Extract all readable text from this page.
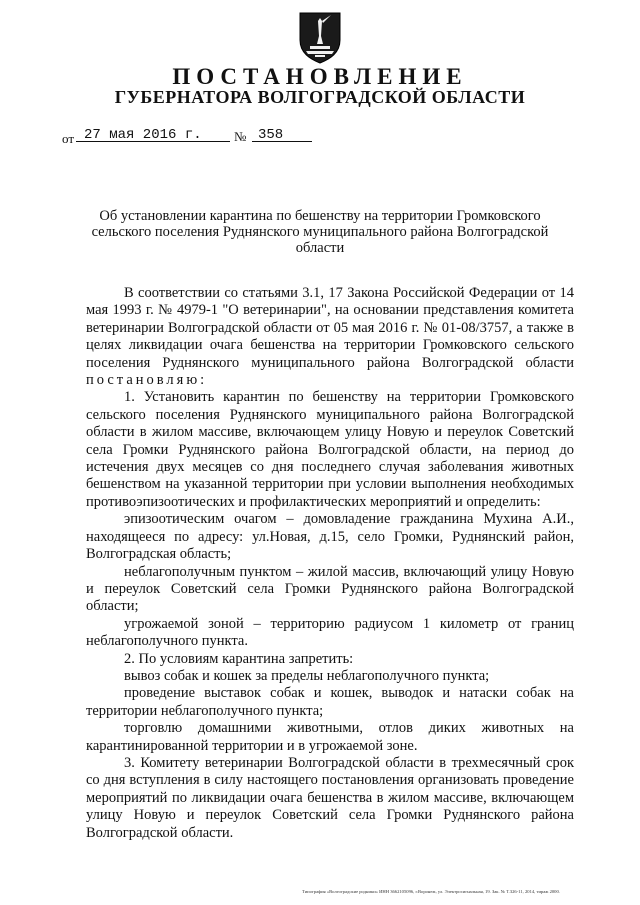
ПОСТАНОВЛЕНИЕ
ГУБЕРНАТОРА ВОЛГОГРАДСКОЙ ОБЛАСТИ
от 27 мая 2016 г. № 358
Об установлении карантина по бешенству на территории Громковского сельского поселения Руднянского муниципального района Волгоградской области

В соответствии со статьями 3.1, 17 Закона Российской Федерации от 14 мая 1993 г. № 4979-1 "О ветеринарии", на основании представления комитета ветеринарии Волгоградской области от 05 мая 2016 г. № 01-08/3757, а также в целях ликвидации очага бешенства на территории Громковского сельского поселения Руднянского муниципального района Волгоградской области постановляю:

1. Установить карантин по бешенству на территории Громковского сельского поселения Руднянского муниципального района Волгоградской области в жилом массиве, включающем улицу Новую и переулок Советский села Громки Руднянского района Волгоградской области, на период до истечения двух месяцев со дня последнего случая заболевания животных бешенством на указанной территории при условии выполнения необходимых противоэпизоотических и профилактических мероприятий и определить:

эпизоотическим очагом – домовладение гражданина Мухина А.И., находящееся по адресу: ул.Новая, д.15, село Громки, Руднянский район, Волгоградская область;

неблагополучным пунктом – жилой массив, включающий улицу Новую и переулок Советский села Громки Руднянского района Волгоградской области;

угрожаемой зоной – территорию радиусом 1 километр от границ неблагополучного пункта.

2. По условиям карантина запретить:

вывоз собак и кошек за пределы неблагополучного пункта;

проведение выставок собак и кошек, выводок и натаски собак на территории неблагополучного пункта;

торговлю домашними животными, отлов диких животных на карантинированной территории и в угрожаемой зоне.

3. Комитету ветеринарии Волгоградской области в трехмесячный срок со дня вступления в силу настоящего постановления организовать проведение мероприятий по ликвидации очага бешенства в жилом массиве, включающем улицу Новую и переулок Советский села Громки Руднянского района Волгоградской области.

Типография «Волгоградские родники» ИНН 3662105096, г.Воронеж, ул. Электросигнальная, 19. Зак. № Т.326-11, 2014, тираж 2000.
